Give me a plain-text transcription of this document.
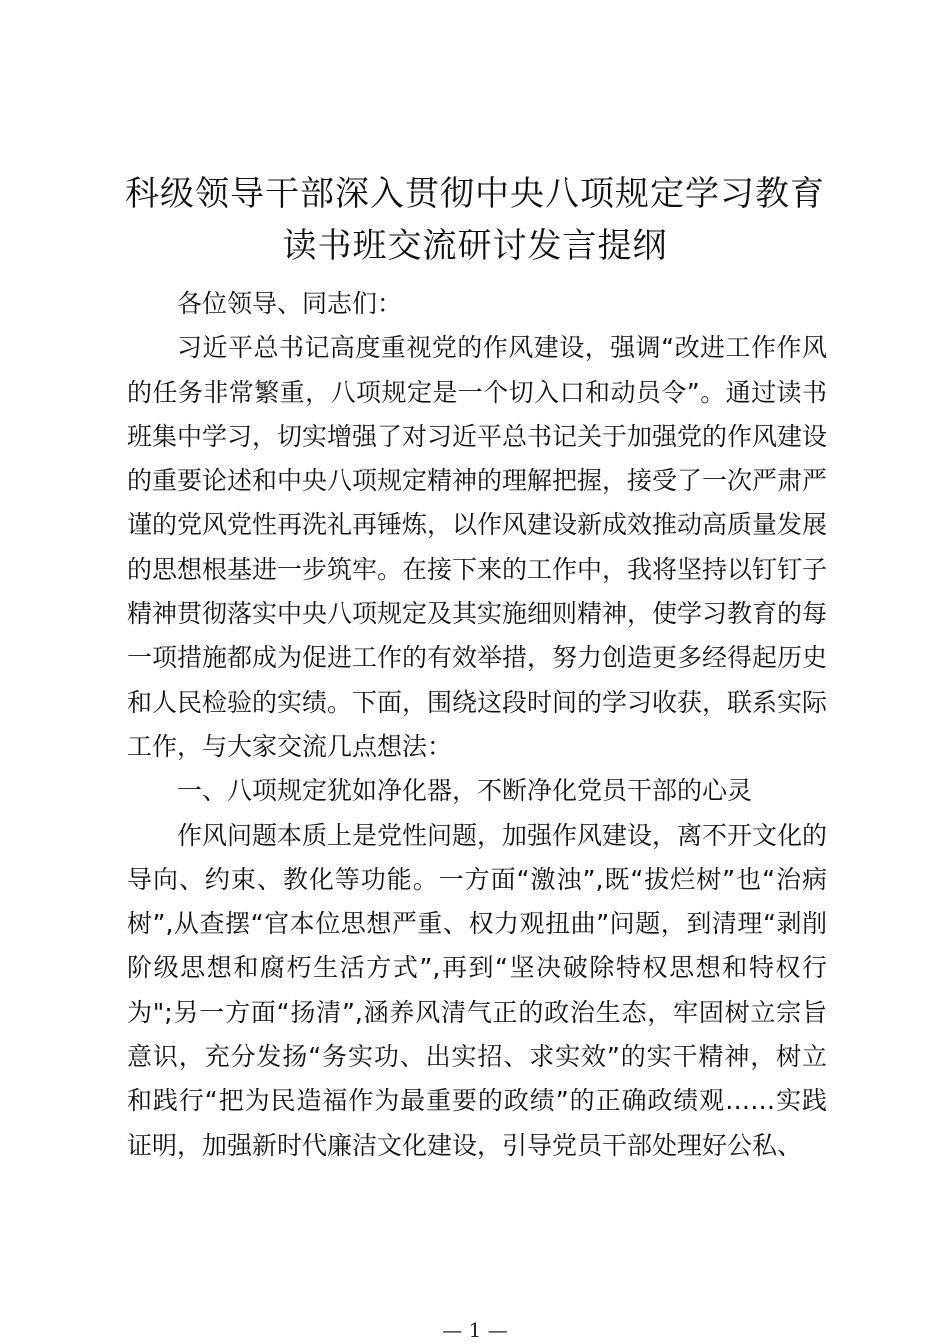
科级领导干部深入贯彻中央八项规定学习教育
读书班交流研讨发言提纲

各位领导、同志们：

习近平总书记高度重视党的作风建设，强调“改进工作作风的任务非常繁重，八项规定是一个切入口和动员令”。通过读书班集中学习，切实增强了对习近平总书记关于加强党的作风建设的重要论述和中央八项规定精神的理解把握，接受了一次严肃严谨的党风党性再洗礼再锤炼，以作风建设新成效推动高质量发展的思想根基进一步筑牢。在接下来的工作中，我将坚持以钉钉子精神贯彻落实中央八项规定及其实施细则精神，使学习教育的每一项措施都成为促进工作的有效举措，努力创造更多经得起历史和人民检验的实绩。下面，围绕这段时间的学习收获，联系实际工作，与大家交流几点想法：

一、八项规定犹如净化器，不断净化党员干部的心灵

作风问题本质上是党性问题，加强作风建设，离不开文化的导向、约束、教化等功能。一方面“激浊”,既“拔烂树”也“治病树”,从查摆“官本位思想严重、权力观扭曲”问题，到清理“剥削阶级思想和腐朽生活方式”,再到“坚决破除特权思想和特权行为";另一方面“扬清”,涵养风清气正的政治生态，牢固树立宗旨意识，充分发扬“务实功、出实招、求实效”的实干精神，树立和践行“把为民造福作为最重要的政绩”的正确政绩观……实践证明，加强新时代廉洁文化建设，引导党员干部处理好公私、

— 1 —
